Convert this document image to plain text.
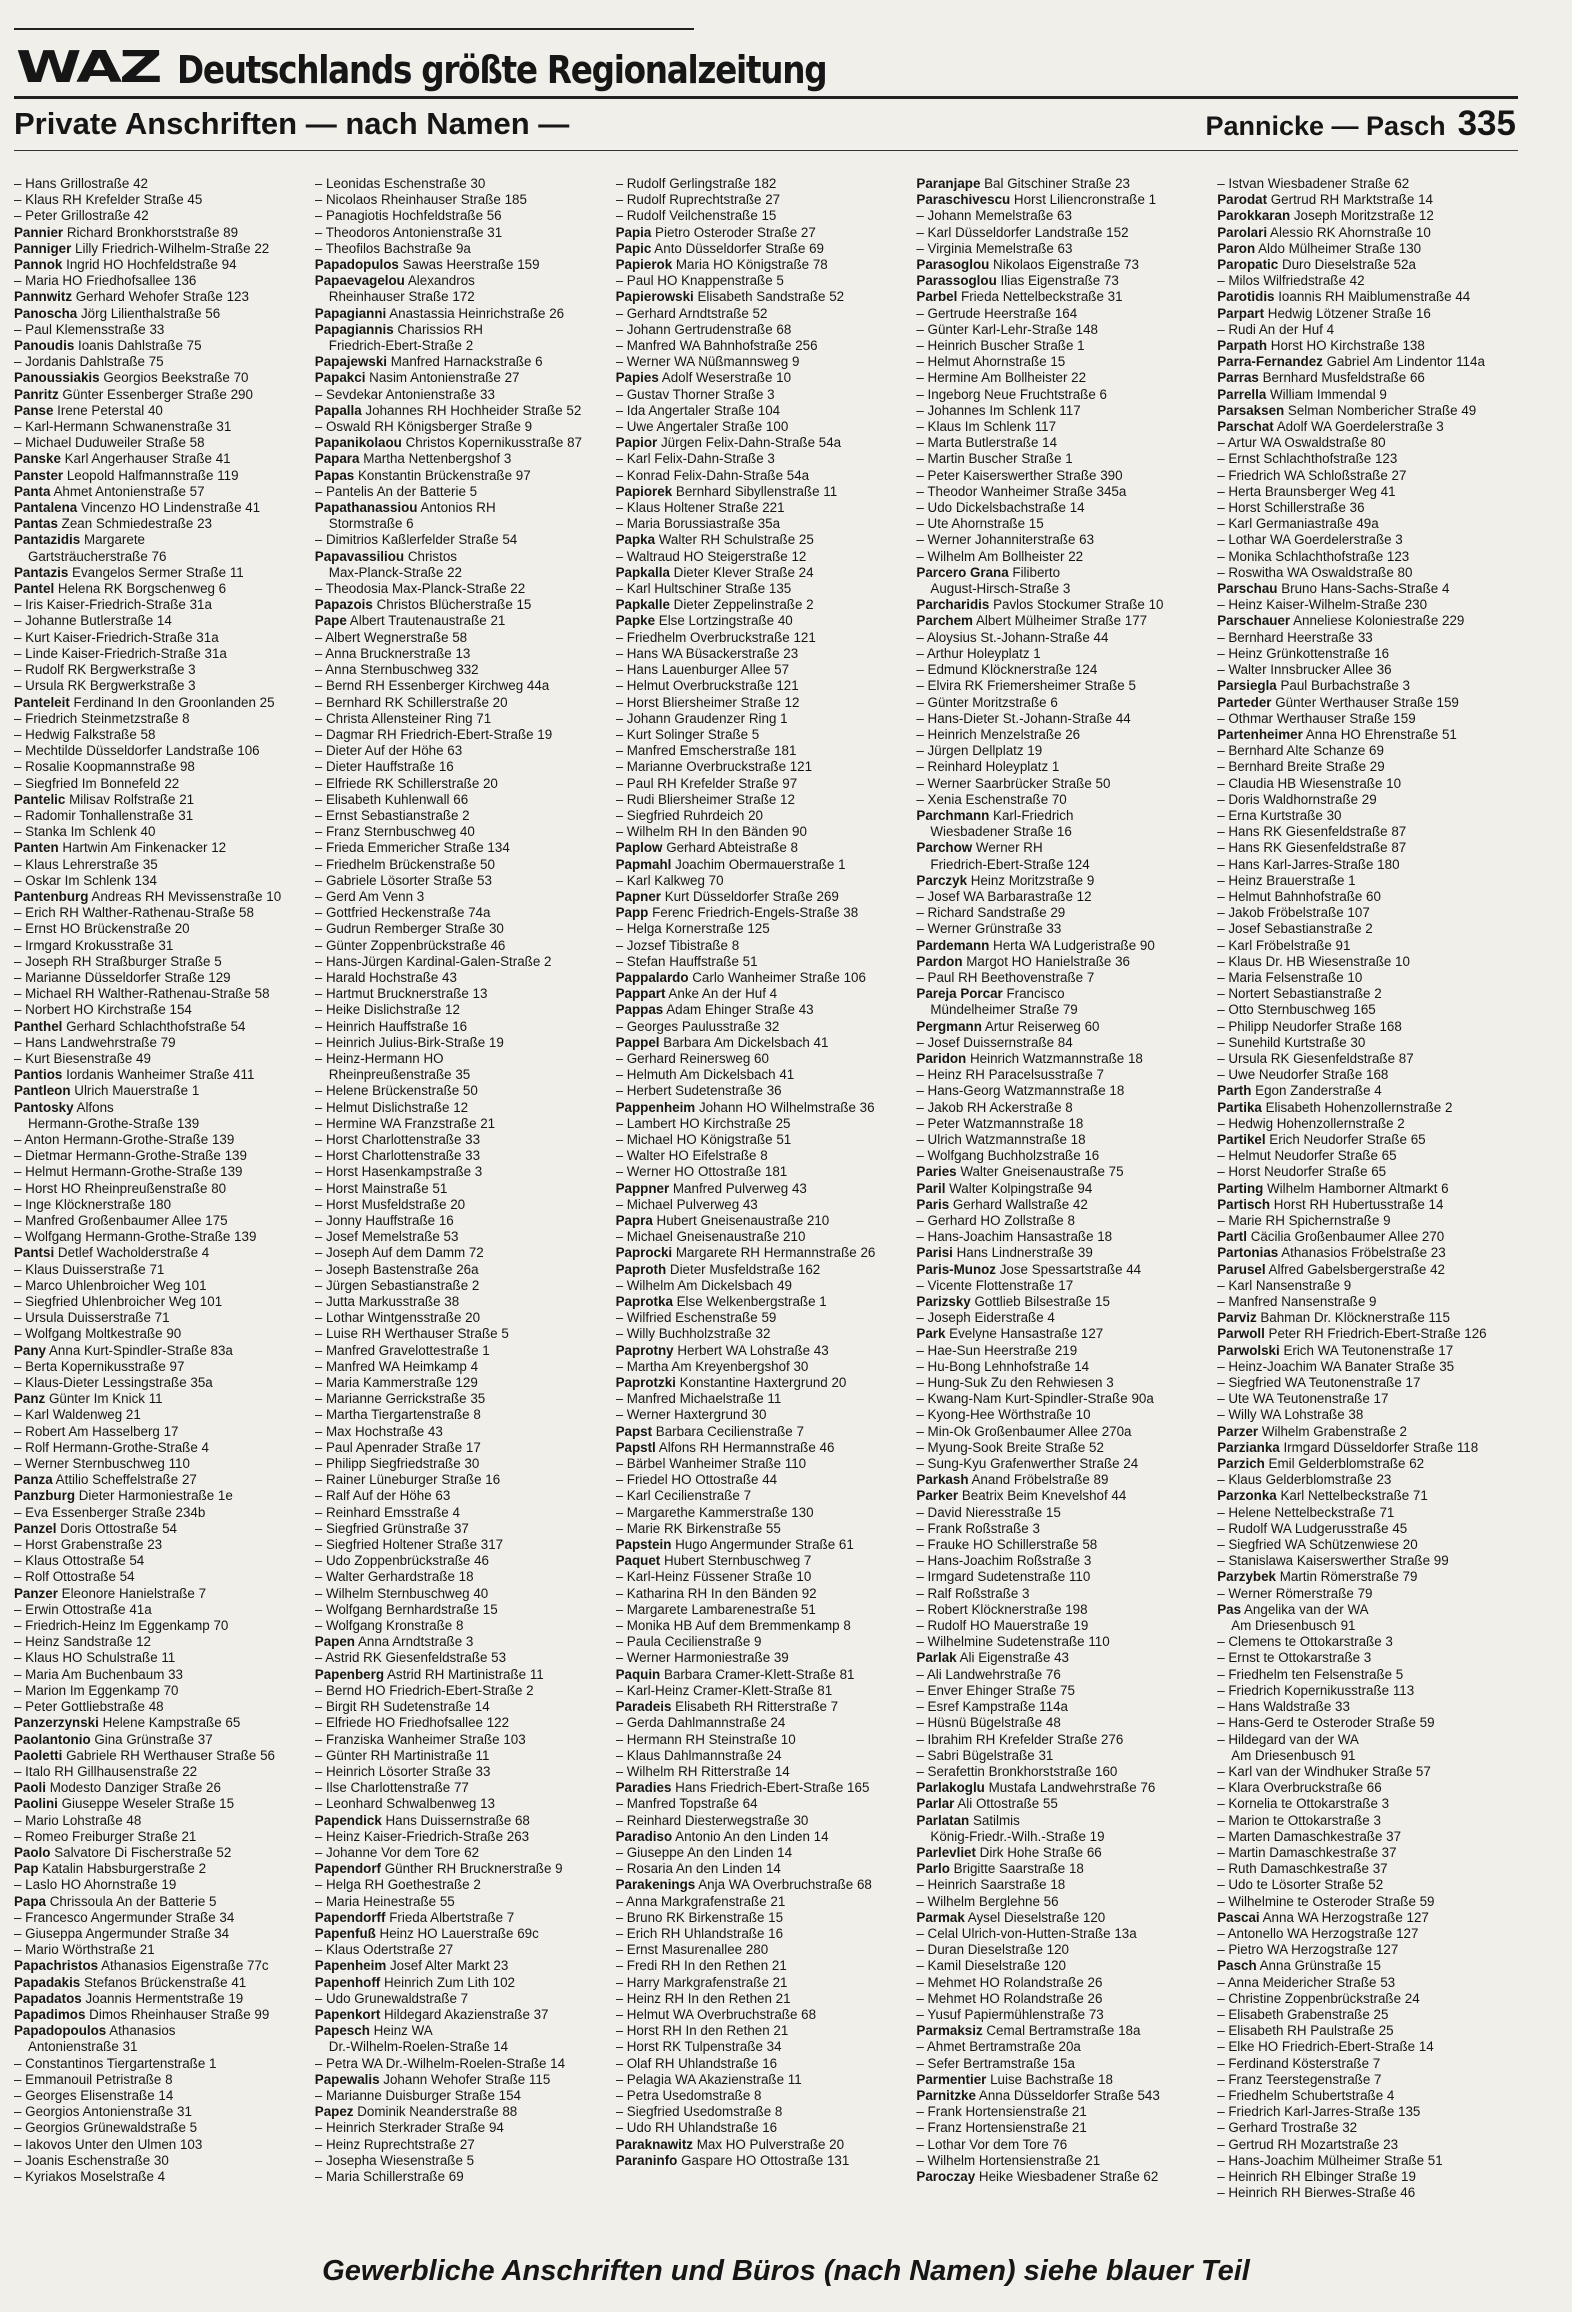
WAZ Deutschlands größte Regionalzeitung
Private Anschriften — nach Namen —	Pannicke — Pasch 335
– Hans Grillostraße 42
– Klaus RH Krefelder Straße 45
– Peter Grillostraße 42
Pannier Richard Bronkhorststraße 89
Panniger Lilly Friedrich-Wilhelm-Straße 22
Pannok Ingrid HO Hochfeldstraße 94
– Maria HO Friedhofsallee 136
Pannwitz Gerhard Wehofer Straße 123
Panoscha Jörg Lilienthalstraße 56
– Paul Klemensstraße 33
Panoudis Ioanis Dahlstraße 75
– Jordanis Dahlstraße 75
Panoussiakis Georgios Beekstraße 70
Panritz Günter Essenberger Straße 290
Panse Irene Peterstal 40
– Karl-Hermann Schwanenstraße 31
– Michael Duduweiler Straße 58
Panske Karl Angerhauser Straße 41
Panster Leopold Halfmannstraße 119
Panta Ahmet Antonienstraße 57
Pantalena Vincenzo HO Lindenstraße 41
Pantas Zean Schmiedestraße 23
Pantazidis Margarete
Gartsträucherstraße 76
Pantazis Evangelos Sermer Straße 11
Pantel Helena RK Borgschenweg 6
– Iris Kaiser-Friedrich-Straße 31a
– Johanne Butlerstraße 14
– Kurt Kaiser-Friedrich-Straße 31a
– Linde Kaiser-Friedrich-Straße 31a
– Rudolf RK Bergwerkstraße 3
– Ursula RK Bergwerkstraße 3
Panteleit Ferdinand In den Groonlanden 25
– Friedrich Steinmetzstraße 8
– Hedwig Falkstraße 58
– Mechtilde Düsseldorfer Landstraße 106
– Rosalie Koopmannstraße 98
– Siegfried Im Bonnefeld 22
Pantelic Milisav Rolfstraße 21
– Radomir Tonhallenstraße 31
– Stanka Im Schlenk 40
Panten Hartwin Am Finkenacker 12
– Klaus Lehrerstraße 35
– Oskar Im Schlenk 134
Pantenburg Andreas RH Mevissenstraße 10
– Erich RH Walther-Rathenau-Straße 58
– Ernst HO Brückenstraße 20
– Irmgard Krokusstraße 31
– Joseph RH Straßburger Straße 5
– Marianne Düsseldorfer Straße 129
– Michael RH Walther-Rathenau-Straße 58
– Norbert HO Kirchstraße 154
Panthel Gerhard Schlachthofstraße 54
– Hans Landwehrstraße 79
– Kurt Biesenstraße 49
Pantios Iordanis Wanheimer Straße 411
Pantleon Ulrich Mauerstraße 1
Pantosky Alfons
Hermann-Grothe-Straße 139
– Anton Hermann-Grothe-Straße 139
– Dietmar Hermann-Grothe-Straße 139
– Helmut Hermann-Grothe-Straße 139
– Horst HO Rheinpreußenstraße 80
– Inge Klöcknerstraße 180
– Manfred Großenbaumer Allee 175
– Wolfgang Hermann-Grothe-Straße 139
Pantsi Detlef Wacholderstraße 4
– Klaus Duisserstraße 71
– Marco Uhlenbroicher Weg 101
– Siegfried Uhlenbroicher Weg 101
– Ursula Duisserstraße 71
– Wolfgang Moltkestraße 90
Pany Anna Kurt-Spindler-Straße 83a
– Berta Kopernikusstraße 97
– Klaus-Dieter Lessingstraße 35a
Panz Günter Im Knick 11
– Karl Waldenweg 21
– Robert Am Hasselberg 17
– Rolf Hermann-Grothe-Straße 4
– Werner Sternbuschweg 110
Panza Attilio Scheffelstraße 27
Panzburg Dieter Harmoniestraße 1e
– Eva Essenberger Straße 234b
Panzel Doris Ottostraße 54
– Horst Grabenstraße 23
– Klaus Ottostraße 54
– Rolf Ottostraße 54
Panzer Eleonore Hanielstraße 7
– Erwin Ottostraße 41a
– Friedrich-Heinz Im Eggenkamp 70
– Heinz Sandstraße 12
– Klaus HO Schulstraße 11
– Maria Am Buchenbaum 33
– Marion Im Eggenkamp 70
– Peter Gottliebstraße 48
Panzerzynski Helene Kampstraße 65
Paolantonio Gina Grünstraße 37
Paoletti Gabriele RH Werthauser Straße 56
– Italo RH Gillhausenstraße 22
Paoli Modesto Danziger Straße 26
Paolini Giuseppe Weseler Straße 15
– Mario Lohstraße 48
– Romeo Freiburger Straße 21
Paolo Salvatore Di Fischerstraße 52
Pap Katalin Habsburgerstraße 2
– Laslo HO Ahornstraße 19
Papa Chrissoula An der Batterie 5
– Francesco Angermunder Straße 34
– Giuseppa Angermunder Straße 34
– Mario Wörthstraße 21
Papachristos Athanasios Eigenstraße 77c
Papadakis Stefanos Brückenstraße 41
Papadatos Joannis Hermentstraße 19
Papadimos Dimos Rheinhauser Straße 99
Papadopoulos Athanasios
Antonienstraße 31
– Constantinos Tiergartenstraße 1
– Emmanouil Petristraße 8
– Georges Elisenstraße 14
– Georgios Antonienstraße 31
– Georgios Grünewaldstraße 5
– Iakovos Unter den Ulmen 103
– Joanis Eschenstraße 30
– Kyriakos Moselstraße 4
– Leonidas Eschenstraße 30
– Nicolaos Rheinhauser Straße 185
– Panagiotis Hochfeldstraße 56
– Theodoros Antonienstraße 31
– Theofilos Bachstraße 9a
Papadopulos Sawas Heerstraße 159
Papaevagelou Alexandros
Rheinhauser Straße 172
Papagianni Anastassia Heinrichstraße 26
Papagiannis Charissios RH
Friedrich-Ebert-Straße 2
Papajewski Manfred Harnackstraße 6
Papakci Nasim Antonienstraße 27
– Sevdekar Antonienstraße 33
Papalla Johannes RH Hochheider Straße 52
– Oswald RH Königsberger Straße 9
Papanikolaou Christos Kopernikusstraße 87
Papara Martha Nettenbergshof 3
Papas Konstantin Brückenstraße 97
– Pantelis An der Batterie 5
Papathanassiou Antonios RH
Stormstraße 6
– Dimitrios Kaßlerfelder Straße 54
Papavassiliou Christos
Max-Planck-Straße 22
– Theodosia Max-Planck-Straße 22
Papazois Christos Blücherstraße 15
Pape Albert Trautenaustraße 21
– Albert Wegnerstraße 58
– Anna Brucknerstraße 13
– Anna Sternbuschweg 332
– Bernd RH Essenberger Kirchweg 44a
– Bernhard RK Schillerstraße 20
– Christa Allensteiner Ring 71
– Dagmar RH Friedrich-Ebert-Straße 19
– Dieter Auf der Höhe 63
– Dieter Hauffstraße 16
– Elfriede RK Schillerstraße 20
– Elisabeth Kuhlenwall 66
– Ernst Sebastianstraße 2
– Franz Sternbuschweg 40
– Frieda Emmericher Straße 134
– Friedhelm Brückenstraße 50
– Gabriele Lösorter Straße 53
– Gerd Am Venn 3
– Gottfried Heckenstraße 74a
– Gudrun Remberger Straße 30
– Günter Zoppenbrückstraße 46
– Hans-Jürgen Kardinal-Galen-Straße 2
– Harald Hochstraße 43
– Hartmut Brucknerstraße 13
– Heike Dislichstraße 12
– Heinrich Hauffstraße 16
– Heinrich Julius-Birk-Straße 19
– Heinz-Hermann HO
Rheinpreußenstraße 35
– Helene Brückenstraße 50
– Helmut Dislichstraße 12
– Hermine WA Franzstraße 21
– Horst Charlottenstraße 33
– Horst Charlottenstraße 33
– Horst Hasenkampstraße 3
– Horst Mainstraße 51
– Horst Musfeldstraße 20
– Jonny Hauffstraße 16
– Josef Memelstraße 53
– Joseph Auf dem Damm 72
– Joseph Bastenstraße 26a
– Jürgen Sebastianstraße 2
– Jutta Markusstraße 38
– Lothar Wintgensstraße 20
– Luise RH Werthauser Straße 5
– Manfred Gravelottestraße 1
– Manfred WA Heimkamp 4
– Maria Kammerstraße 129
– Marianne Gerrickstraße 35
– Martha Tiergartenstraße 8
– Max Hochstraße 43
– Paul Apenrader Straße 17
– Philipp Siegfriedstraße 30
– Rainer Lüneburger Straße 16
– Ralf Auf der Höhe 63
– Reinhard Emsstraße 4
– Siegfried Grünstraße 37
– Siegfried Holtener Straße 317
– Udo Zoppenbrückstraße 46
– Walter Gerhardstraße 18
– Wilhelm Sternbuschweg 40
– Wolfgang Bernhardstraße 15
– Wolfgang Kronstraße 8
Papen Anna Arndtstraße 3
– Astrid RK Giesenfeldstraße 53
Papenberg Astrid RH Martinistraße 11
– Bernd HO Friedrich-Ebert-Straße 2
– Birgit RH Sudetenstraße 14
– Elfriede HO Friedhofsallee 122
– Franziska Wanheimer Straße 103
– Günter RH Martinistraße 11
– Heinrich Lösorter Straße 33
– Ilse Charlottenstraße 77
– Leonhard Schwalbenweg 13
Papendick Hans Duissernstraße 68
– Heinz Kaiser-Friedrich-Straße 263
– Johanne Vor dem Tore 62
Papendorf Günther RH Brucknerstraße 9
– Helga RH Goethestraße 2
– Maria Heinestraße 55
Papendorff Frieda Albertstraße 7
Papenfuß Heinz HO Lauerstraße 69c
– Klaus Odertstraße 27
Papenheim Josef Alter Markt 23
Papenhoff Heinrich Zum Lith 102
– Udo Grunewaldstraße 7
Papenkort Hildegard Akazienstraße 37
Papesch Heinz WA
Dr.-Wilhelm-Roelen-Straße 14
– Petra WA Dr.-Wilhelm-Roelen-Straße 14
Papewalis Johann Wehofer Straße 115
– Marianne Duisburger Straße 154
Papez Dominik Neanderstraße 88
– Heinrich Sterkrader Straße 94
– Heinz Ruprechtstraße 27
– Josepha Wiesenstraße 5
– Maria Schillerstraße 69
– Rudolf Gerlingstraße 182
– Rudolf Ruprechtstraße 27
– Rudolf Veilchenstraße 15
Papia Pietro Osteroder Straße 27
Papic Anto Düsseldorfer Straße 69
Papierok Maria HO Königstraße 78
– Paul HO Knappenstraße 5
Papierowski Elisabeth Sandstraße 52
– Gerhard Arndtstraße 52
– Johann Gertrudenstraße 68
– Manfred WA Bahnhofstraße 256
– Werner WA Nüßmannsweg 9
Papies Adolf Weserstraße 10
– Gustav Thorner Straße 3
– Ida Angertaler Straße 104
– Uwe Angertaler Straße 100
Papior Jürgen Felix-Dahn-Straße 54a
– Karl Felix-Dahn-Straße 3
– Konrad Felix-Dahn-Straße 54a
Papiorek Bernhard Sibyllenstraße 11
– Klaus Holtener Straße 221
– Maria Borussiastraße 35a
Papka Walter RH Schulstraße 25
– Waltraud HO Steigerstraße 12
Papkalla Dieter Klever Straße 24
– Karl Hultschiner Straße 135
Papkalle Dieter Zeppelinstraße 2
Papke Else Lortzingstraße 40
– Friedhelm Overbruckstraße 121
– Hans WA Büsackerstraße 23
– Hans Lauenburger Allee 57
– Helmut Overbruckstraße 121
– Horst Bliersheimer Straße 12
– Johann Graudenzer Ring 1
– Kurt Solinger Straße 5
– Manfred Emscherstraße 181
– Marianne Overbruckstraße 121
– Paul RH Krefelder Straße 97
– Rudi Bliersheimer Straße 12
– Siegfried Ruhrdeich 20
– Wilhelm RH In den Bänden 90
Paplow Gerhard Abteistraße 8
Papmahl Joachim Obermauerstraße 1
– Karl Kalkweg 70
Papner Kurt Düsseldorfer Straße 269
Papp Ferenc Friedrich-Engels-Straße 38
– Helga Kornerstraße 125
– Jozsef Tibistraße 8
– Stefan Hauffstraße 51
Pappalardo Carlo Wanheimer Straße 106
Pappart Anke An der Huf 4
Pappas Adam Ehinger Straße 43
– Georges Paulusstraße 32
Pappel Barbara Am Dickelsbach 41
– Gerhard Reinersweg 60
– Helmuth Am Dickelsbach 41
– Herbert Sudetenstraße 36
Pappenheim Johann HO Wilhelmstraße 36
– Lambert HO Kirchstraße 25
– Michael HO Königstraße 51
– Walter HO Eifelstraße 8
– Werner HO Ottostraße 181
Pappner Manfred Pulverweg 43
– Michael Pulverweg 43
Papra Hubert Gneisenaustraße 210
– Michael Gneisenaustraße 210
Paprocki Margarete RH Hermannstraße 26
Paproth Dieter Musfeldstraße 162
– Wilhelm Am Dickelsbach 49
Paprotka Else Welkenbergstraße 1
– Wilfried Eschenstraße 59
– Willy Buchholzstraße 32
Paprotny Herbert WA Lohstraße 43
– Martha Am Kreyenbergshof 30
Paprotzki Konstantine Haxtergrund 20
– Manfred Michaelstraße 11
– Werner Haxtergrund 30
Papst Barbara Cecilienstraße 7
Papstl Alfons RH Hermannstraße 46
– Bärbel Wanheimer Straße 110
– Friedel HO Ottostraße 44
– Karl Cecilienstraße 7
– Margarethe Kammerstraße 130
– Marie RK Birkenstraße 55
Papstein Hugo Angermunder Straße 61
Paquet Hubert Sternbuschweg 7
– Karl-Heinz Füssener Straße 10
– Katharina RH In den Bänden 92
– Margarete Lambarenestraße 51
– Monika HB Auf dem Bremmenkamp 8
– Paula Cecilienstraße 9
– Werner Harmoniestraße 39
Paquin Barbara Cramer-Klett-Straße 81
– Karl-Heinz Cramer-Klett-Straße 81
Paradeis Elisabeth RH Ritterstraße 7
– Gerda Dahlmannstraße 24
– Hermann RH Steinstraße 10
– Klaus Dahlmannstraße 24
– Wilhelm RH Ritterstraße 14
Paradies Hans Friedrich-Ebert-Straße 165
– Manfred Topstraße 64
– Reinhard Diesterwegstraße 30
Paradiso Antonio An den Linden 14
– Giuseppe An den Linden 14
– Rosaria An den Linden 14
Parakenings Anja WA Overbruchstraße 68
– Anna Markgrafenstraße 21
– Bruno RK Birkenstraße 15
– Erich RH Uhlandstraße 16
– Ernst Masurenallee 280
– Fredi RH In den Rethen 21
– Harry Markgrafenstraße 21
– Heinz RH In den Rethen 21
– Helmut WA Overbruchstraße 68
– Horst RH In den Rethen 21
– Horst RK Tulpenstraße 34
– Olaf RH Uhlandstraße 16
– Pelagia WA Akazienstraße 11
– Petra Usedomstraße 8
– Siegfried Usedomstraße 8
– Udo RH Uhlandstraße 16
Paraknawitz Max HO Pulverstraße 20
Paraninfo Gaspare HO Ottostraße 131
Paranjape Bal Gitschiner Straße 23
Paraschivescu Horst Liliencronstraße 1
– Johann Memelstraße 63
– Karl Düsseldorfer Landstraße 152
– Virginia Memelstraße 63
Parasoglou Nikolaos Eigenstraße 73
Parassoglou Ilias Eigenstraße 73
Parbel Frieda Nettelbeckstraße 31
– Gertrude Heerstraße 164
– Günter Karl-Lehr-Straße 148
– Heinrich Buscher Straße 1
– Helmut Ahornstraße 15
– Hermine Am Bollheister 22
– Ingeborg Neue Fruchtstraße 6
– Johannes Im Schlenk 117
– Klaus Im Schlenk 117
– Marta Butlerstraße 14
– Martin Buscher Straße 1
– Peter Kaiserswerther Straße 390
– Theodor Wanheimer Straße 345a
– Udo Dickelsbachstraße 14
– Ute Ahornstraße 15
– Werner Johanniterstraße 63
– Wilhelm Am Bollheister 22
Parcero Grana Filiberto
August-Hirsch-Straße 3
Parcharidis Pavlos Stockumer Straße 10
Parchem Albert Mülheimer Straße 177
– Aloysius St.-Johann-Straße 44
– Arthur Holeyplatz 1
– Edmund Klöcknerstraße 124
– Elvira RK Friemersheimer Straße 5
– Günter Moritzstraße 6
– Hans-Dieter St.-Johann-Straße 44
– Heinrich Menzelstraße 26
– Jürgen Dellplatz 19
– Reinhard Holeyplatz 1
– Werner Saarbrücker Straße 50
– Xenia Eschenstraße 70
Parchmann Karl-Friedrich
Wiesbadener Straße 16
Parchow Werner RH
Friedrich-Ebert-Straße 124
Parczyk Heinz Moritzstraße 9
– Josef WA Barbarastraße 12
– Richard Sandstraße 29
– Werner Grünstraße 33
Pardemann Herta WA Ludgeristraße 90
Pardon Margot HO Hanielstraße 36
– Paul RH Beethovenstraße 7
Pareja Porcar Francisco
Mündelheimer Straße 79
Pergmann Artur Reiserweg 60
– Josef Duissernstraße 84
Paridon Heinrich Watzmannstraße 18
– Heinz RH Paracelsusstraße 7
– Hans-Georg Watzmannstraße 18
– Jakob RH Ackerstraße 8
– Peter Watzmannstraße 18
– Ulrich Watzmannstraße 18
– Wolfgang Buchholzstraße 16
Paries Walter Gneisenaustraße 75
Paril Walter Kolpingstraße 94
Paris Gerhard Wallstraße 42
– Gerhard HO Zollstraße 8
– Hans-Joachim Hansastraße 18
Parisi Hans Lindnerstraße 39
Paris-Munoz Jose Spessartstraße 44
– Vicente Flottenstraße 17
Parizsky Gottlieb Bilsestraße 15
– Joseph Eiderstraße 4
Park Evelyne Hansastraße 127
– Hae-Sun Heerstraße 219
– Hu-Bong Lehnhofstraße 14
– Hung-Suk Zu den Rehwiesen 3
– Kwang-Nam Kurt-Spindler-Straße 90a
– Kyong-Hee Wörthstraße 10
– Min-Ok Großenbaumer Allee 270a
– Myung-Sook Breite Straße 52
– Sung-Kyu Grafenwerther Straße 24
Parkash Anand Fröbelstraße 89
Parker Beatrix Beim Knevelshof 44
– David Nieresstraße 15
– Frank Roßstraße 3
– Frauke HO Schillerstraße 58
– Hans-Joachim Roßstraße 3
– Irmgard Sudetenstraße 110
– Ralf Roßstraße 3
– Robert Klöcknerstraße 198
– Rudolf HO Mauerstraße 19
– Wilhelmine Sudetenstraße 110
Parlak Ali Eigenstraße 43
– Ali Landwehrstraße 76
– Enver Ehinger Straße 75
– Esref Kampstraße 114a
– Hüsnü Bügelstraße 48
– Ibrahim RH Krefelder Straße 276
– Sabri Bügelstraße 31
– Serafettin Bronkhorststraße 160
Parlakoglu Mustafa Landwehrstraße 76
Parlar Ali Ottostraße 55
Parlatan Satilmis
König-Friedr.-Wilh.-Straße 19
Parlevliet Dirk Hohe Straße 66
Parlo Brigitte Saarstraße 18
– Heinrich Saarstraße 18
– Wilhelm Berglehne 56
Parmak Aysel Dieselstraße 120
– Celal Ulrich-von-Hutten-Straße 13a
– Duran Dieselstraße 120
– Kamil Dieselstraße 120
– Mehmet HO Rolandstraße 26
– Mehmet HO Rolandstraße 26
– Yusuf Papiermühlenstraße 73
Parmaksiz Cemal Bertramstraße 18a
– Ahmet Bertramstraße 20a
– Sefer Bertramstraße 15a
Parmentier Luise Bachstraße 18
Parnitzke Anna Düsseldorfer Straße 543
– Frank Hortensienstraße 21
– Franz Hortensienstraße 21
– Lothar Vor dem Tore 76
– Wilhelm Hortensienstraße 21
Paroczay Heike Wiesbadener Straße 62
– Istvan Wiesbadener Straße 62
Parodat Gertrud RH Marktstraße 14
Parokkaran Joseph Moritzstraße 12
Parolari Alessio RK Ahornstraße 10
Paron Aldo Mülheimer Straße 130
Paropatic Duro Dieselstraße 52a
– Milos Wilfriedstraße 42
Parotidis Ioannis RH Maiblumenstraße 44
Parpart Hedwig Lötzener Straße 16
– Rudi An der Huf 4
Parpath Horst HO Kirchstraße 138
Parra-Fernandez Gabriel Am Lindentor 114a
Parras Bernhard Musfeldstraße 66
Parrella William Immendal 9
Parsaksen Selman Nombericher Straße 49
Parschat Adolf WA Goerdelerstraße 3
– Artur WA Oswaldstraße 80
– Ernst Schlachthofstraße 123
– Friedrich WA Schloßstraße 27
– Herta Braunsberger Weg 41
– Horst Schillerstraße 36
– Karl Germaniastraße 49a
– Lothar WA Goerdelerstraße 3
– Monika Schlachthofstraße 123
– Roswitha WA Oswaldstraße 80
Parschau Bruno Hans-Sachs-Straße 4
– Heinz Kaiser-Wilhelm-Straße 230
Parschauer Anneliese Koloniestraße 229
– Bernhard Heerstraße 33
– Heinz Grünkottenstraße 16
– Walter Innsbrucker Allee 36
Parsiegla Paul Burbachstraße 3
Parteder Günter Werthauser Straße 159
– Othmar Werthauser Straße 159
Partenheimer Anna HO Ehrenstraße 51
– Bernhard Alte Schanze 69
– Bernhard Breite Straße 29
– Claudia HB Wiesenstraße 10
– Doris Waldhornstraße 29
– Erna Kurtstraße 30
– Hans RK Giesenfeldstraße 87
– Hans RK Giesenfeldstraße 87
– Hans Karl-Jarres-Straße 180
– Heinz Brauerstraße 1
– Helmut Bahnhofstraße 60
– Jakob Fröbelstraße 107
– Josef Sebastianstraße 2
– Karl Fröbelstraße 91
– Klaus Dr. HB Wiesenstraße 10
– Maria Felsenstraße 10
– Nortert Sebastianstraße 2
– Otto Sternbuschweg 165
– Philipp Neudorfer Straße 168
– Sunehild Kurtstraße 30
– Ursula RK Giesenfeldstraße 87
– Uwe Neudorfer Straße 168
Parth Egon Zanderstraße 4
Partika Elisabeth Hohenzollernstraße 2
– Hedwig Hohenzollernstraße 2
Partikel Erich Neudorfer Straße 65
– Helmut Neudorfer Straße 65
– Horst Neudorfer Straße 65
Parting Wilhelm Hamborner Altmarkt 6
Partisch Horst RH Hubertusstraße 14
– Marie RH Spichernstraße 9
Partl Cäcilia Großenbaumer Allee 270
Partonias Athanasios Fröbelstraße 23
Parusel Alfred Gabelsbergerstraße 42
– Karl Nansenstraße 9
– Manfred Nansenstraße 9
Parviz Bahman Dr. Klöcknerstraße 115
Parwoll Peter RH Friedrich-Ebert-Straße 126
Parwolski Erich WA Teutonenstraße 17
– Heinz-Joachim WA Banater Straße 35
– Siegfried WA Teutonenstraße 17
– Ute WA Teutonenstraße 17
– Willy WA Lohstraße 38
Parzer Wilhelm Grabenstraße 2
Parzianka Irmgard Düsseldorfer Straße 118
Parzich Emil Gelderblomstraße 62
– Klaus Gelderblomstraße 23
Parzonka Karl Nettelbeckstraße 71
– Helene Nettelbeckstraße 71
– Rudolf WA Ludgerusstraße 45
– Siegfried WA Schützenwiese 20
– Stanislawa Kaiserswerther Straße 99
Parzybek Martin Römerstraße 79
– Werner Römerstraße 79
Pas Angelika van der WA
Am Driesenbusch 91
– Clemens te Ottokarstraße 3
– Ernst te Ottokarstraße 3
– Friedhelm ten Felsenstraße 5
– Friedrich Kopernikusstraße 113
– Hans Waldstraße 33
– Hans-Gerd te Osteroder Straße 59
– Hildegard van der WA
Am Driesenbusch 91
– Karl van der Windhuker Straße 57
– Klara Overbruckstraße 66
– Kornelia te Ottokarstraße 3
– Marion te Ottokarstraße 3
– Marten Damaschkestraße 37
– Martin Damaschkestraße 37
– Ruth Damaschkestraße 37
– Udo te Lösorter Straße 52
– Wilhelmine te Osteroder Straße 59
Pascai Anna WA Herzogstraße 127
– Antonello WA Herzogstraße 127
– Pietro WA Herzogstraße 127
Pasch Anna Grünstraße 15
– Anna Meidericher Straße 53
– Christine Zoppenbrückstraße 24
– Elisabeth Grabenstraße 25
– Elisabeth RH Paulstraße 25
– Elke HO Friedrich-Ebert-Straße 14
– Ferdinand Kösterstraße 7
– Franz Teerstegenstraße 7
– Friedhelm Schubertstraße 4
– Friedrich Karl-Jarres-Straße 135
– Gerhard Trostraße 32
– Gertrud RH Mozartstraße 23
– Hans-Joachim Mülheimer Straße 51
– Heinrich RH Elbinger Straße 19
– Heinrich RH Bierwes-Straße 46
Gewerbliche Anschriften und Büros (nach Namen) siehe blauer Teil
